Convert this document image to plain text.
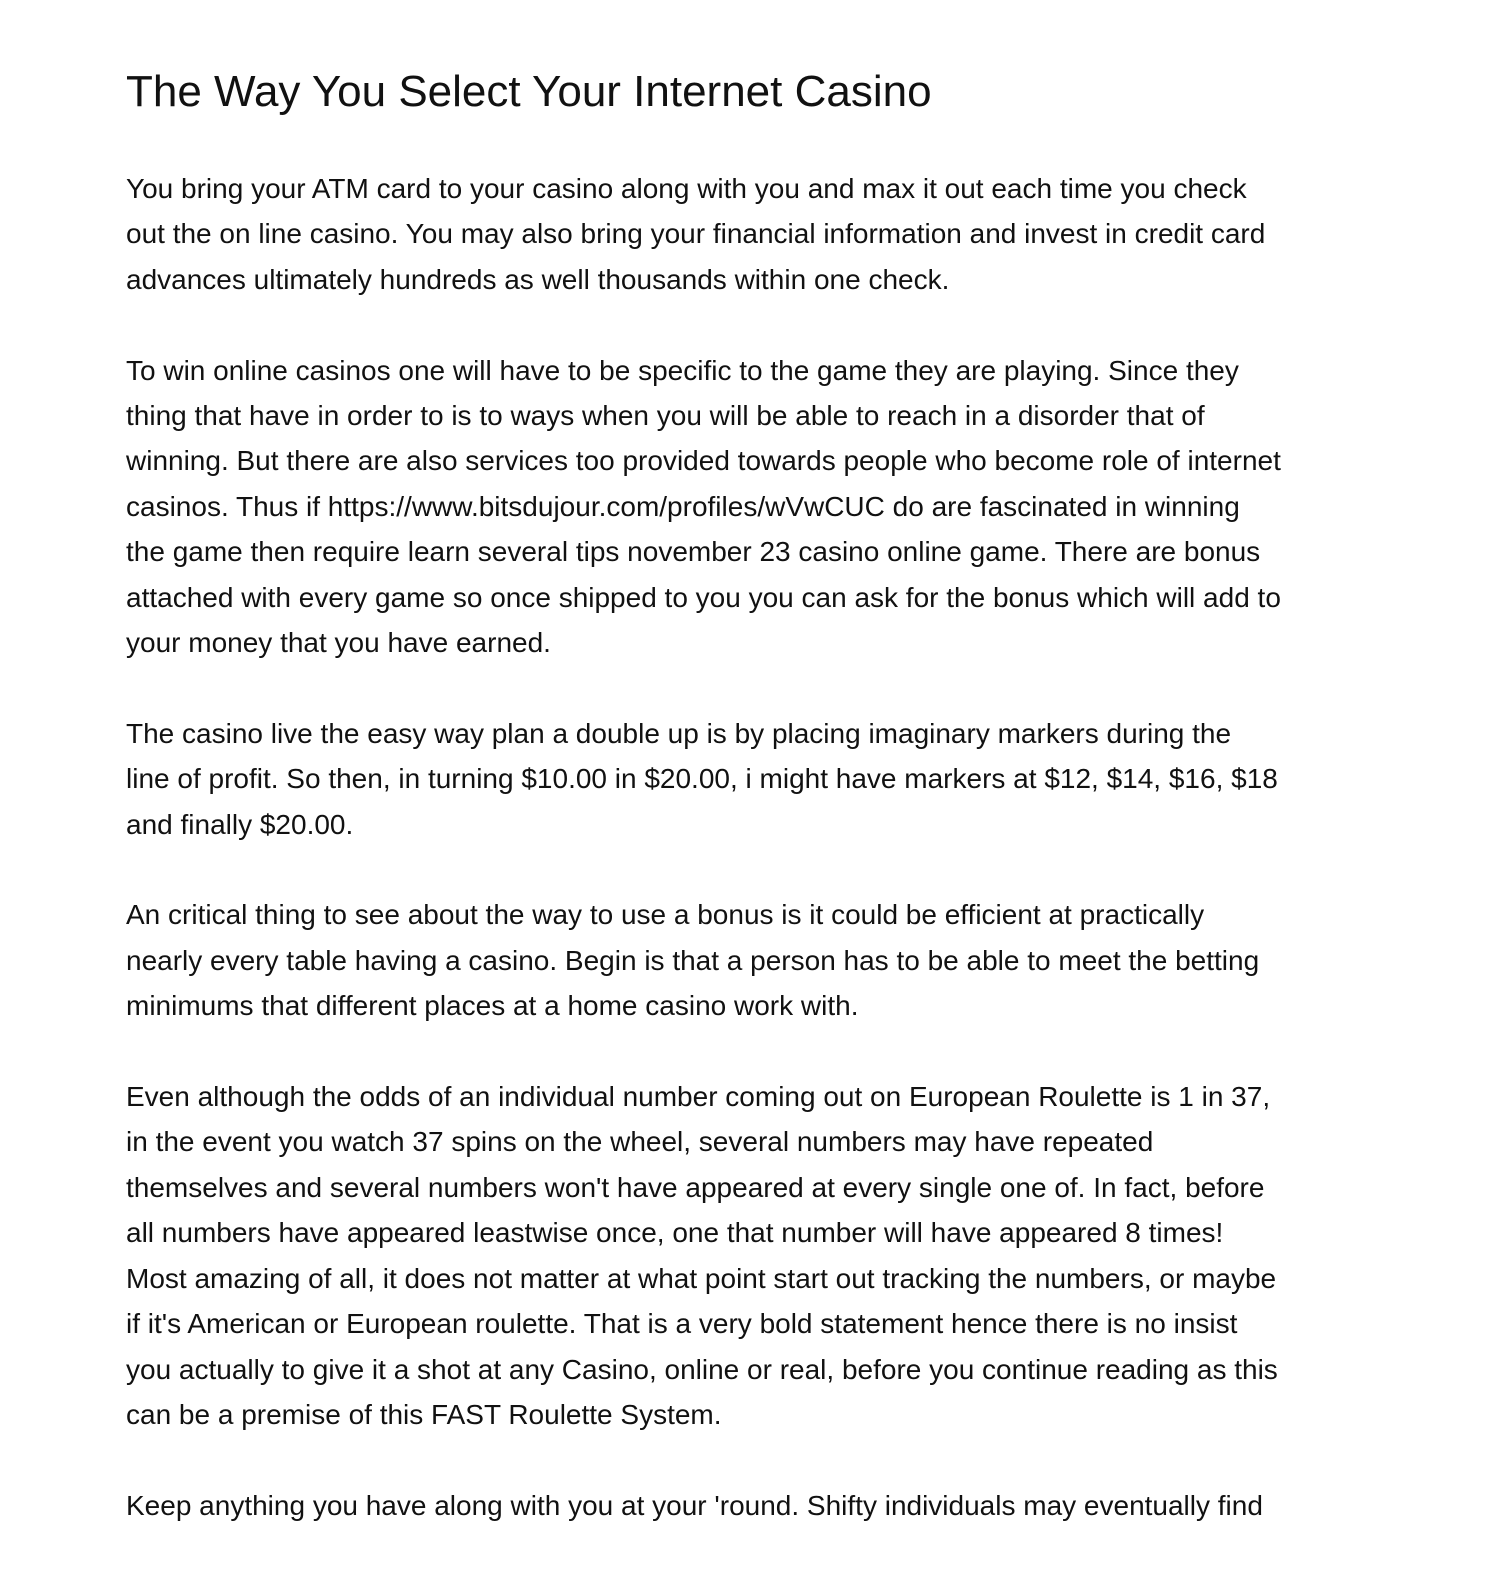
The Way You Select Your Internet Casino

You bring your ATM card to your casino along with you and max it out each time you check
out the on line casino. You may also bring your financial information and invest in credit card
advances ultimately hundreds as well thousands within one check.

To win online casinos one will have to be specific to the game they are playing. Since they
thing that have in order to is to ways when you will be able to reach in a disorder that of
winning. But there are also services too provided towards people who become role of internet
casinos. Thus if https://www.bitsdujour.com/profiles/wVwCUC do are fascinated in winning
the game then require learn several tips november 23 casino online game. There are bonus
attached with every game so once shipped to you you can ask for the bonus which will add to
your money that you have earned.

The casino live the easy way plan a double up is by placing imaginary markers during the
line of profit. So then, in turning $10.00 in $20.00, i might have markers at $12, $14, $16, $18
and finally $20.00.

An critical thing to see about the way to use a bonus is it could be efficient at practically
nearly every table having a casino. Begin is that a person has to be able to meet the betting
minimums that different places at a home casino work with.

Even although the odds of an individual number coming out on European Roulette is 1 in 37,
in the event you watch 37 spins on the wheel, several numbers may have repeated
themselves and several numbers won't have appeared at every single one of. In fact, before
all numbers have appeared leastwise once, one that number will have appeared 8 times!
Most amazing of all, it does not matter at what point start out tracking the numbers, or maybe
if it's American or European roulette. That is a very bold statement hence there is no insist
you actually to give it a shot at any Casino, online or real, before you continue reading as this
can be a premise of this FAST Roulette System.

Keep anything you have along with you at your 'round. Shifty individuals may eventually find
